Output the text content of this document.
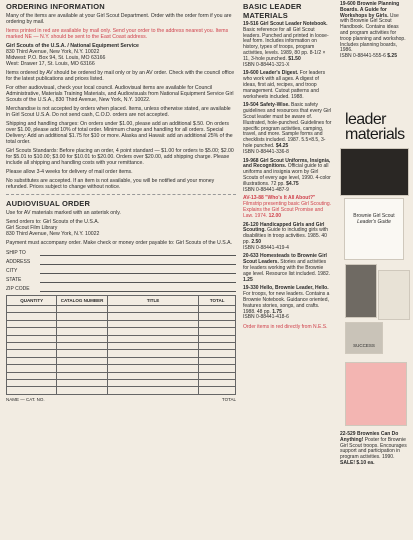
ORDERING INFORMATION

Many of the items are available at your Girl Scout Department. Order with the order form if you are ordering by mail.

Items printed in red are available by mail only. Send your order to the address nearest you. Items marked NE — N.Y. should be sent to the East Coast address.

Girl Scouts of the U.S.A. / National Equipment Service
830 Third Avenue, New York, N.Y. 10022
Midwest: P.O. Box 94, St. Louis, MO 63166
West: Drawer 17, St. Louis, MO 63166

Items ordered by AV should be ordered by mail only or by an AV order. Check with the council office for the latest publications and prices listed.

For other audiovisual, check your local council. Audiovisual items are available for Council Administrative, Materials Training Materials, and Audiovisuals from National Equipment Service Girl Scouts of the U.S.A., 830 Third Avenue, New York, N.Y. 10022.

Merchandise is not accepted by orders when placed. Items, unless otherwise stated, are available in Girl Scout U.S.A. Do not send cash, C.O.D. orders are not accepted.

Shipping and handling charges: On orders under $1.00, please add an additional $.50. On orders over $1.00, please add 10% of total order. Minimum charge and handling for all orders. Special Delivery: Add an additional $1.75 for $10 or more. Alaska and Hawaii: add an additional 25% of the total order.

Girl Scouts Standards: Before placing an order, 4 point standard — $1.00 for orders to $5.00; $2.00 for $5.01 to $10.00; $3.00 for $10.01 to $20.00. Orders over $20.00, add shipping charge. Please include all shipping and handling costs with your remittance.

Please allow 3-4 weeks for delivery of mail order items.

No substitutes are accepted. If an item is not available, you will be notified and your money refunded. Prices subject to change without notice.

AUDIOVISUAL ORDER

Use for AV materials marked with an asterisk only.

Send orders to: Girl Scouts of the U.S.A.
Girl Scout Film Library
830 Third Avenue, New York, N.Y. 10022

Payment must accompany order. Make check or money order payable to: Girl Scouts of the U.S.A.

SHIP TO
ADDRESS
CITY
STATE
ZIP CODE
QUANTITY	CATALOG NUMBER	TITLE	TOTAL

NAME — CAT. NO.	TOTAL
BASIC LEADER MATERIALS
19-516 Girl Scout Leader Notebook. Basic reference for all Girl Scout leaders. Punched and printed in loose-leaf form. Includes information on history, types of troops, program activities, levels. 1989, 80 pp. 8-1/2 × 11, 3-hole punched. $1.50
ISBN 0-88441-321-X
19-600 Leader's Digest. For leaders who work with all ages. A digest of ideas, first aid, recipes, and troop management. Cutout patterns and worksheets included. 1988.
19-504 Safety-Wise. Basic safety guidelines and resources that every Girl Scout leader must be aware of. Illustrated, hole-punched. Guidelines for specific program activities, camping, travel, and more. Sample forms and checklists included. 1987. 5.5×8.5, 3-hole punched. $4.25
ISBN 0-88441-336-8
19-968 Girl Scout Uniforms, Insignia, and Recognitions. Official guide to all uniforms and insignia worn by Girl Scouts of every age level, 1990. 4-color illustrations. 72 pp. $4.75
ISBN 0-88441-487-9
AV-13-88 "Who's It All About?" Filmstrip presenting basic Girl Scouting. Explains the Girl Scout Promise and Law. 1974. 12.00
26-120 Handicapped Girls and Girl Scouting. Guide to including girls with disabilities in troop activities. 1985. 40 pp. 2.50
ISBN 0-88441-419-4
20-633 Homesteads to Brownie Girl Scout Leaders. Stories and activities for leaders working with the Brownie age level. Resource list included. 1982. 1.25
19-330 Hello, Brownie Leader, Hello. For troops, for new leaders. Contains a Brownie Notebook. Guidance oriented, features stories, songs, and crafts. 1988. 48 pp. 1.75
ISBN 0-88441-418-6
Order items in red directly from N.E.S.
19-600 Brownie Planning Boards. A Guide for Workshops by Girls. Use with Brownie Girl Scout Handbook. Contains ideas and program activities for troop planning and workshop. Includes planning boards, 1986.
ISBN 0-88441-555-6 $.25
leader
materials
Brownie Girl Scout
Leader's Guide
SUCCESS
22-529 Brownies Can Do Anything! Poster for Brownie Girl Scout troops. Encourages support and participation in program activities. 1990. SALE! $.10 ea.
